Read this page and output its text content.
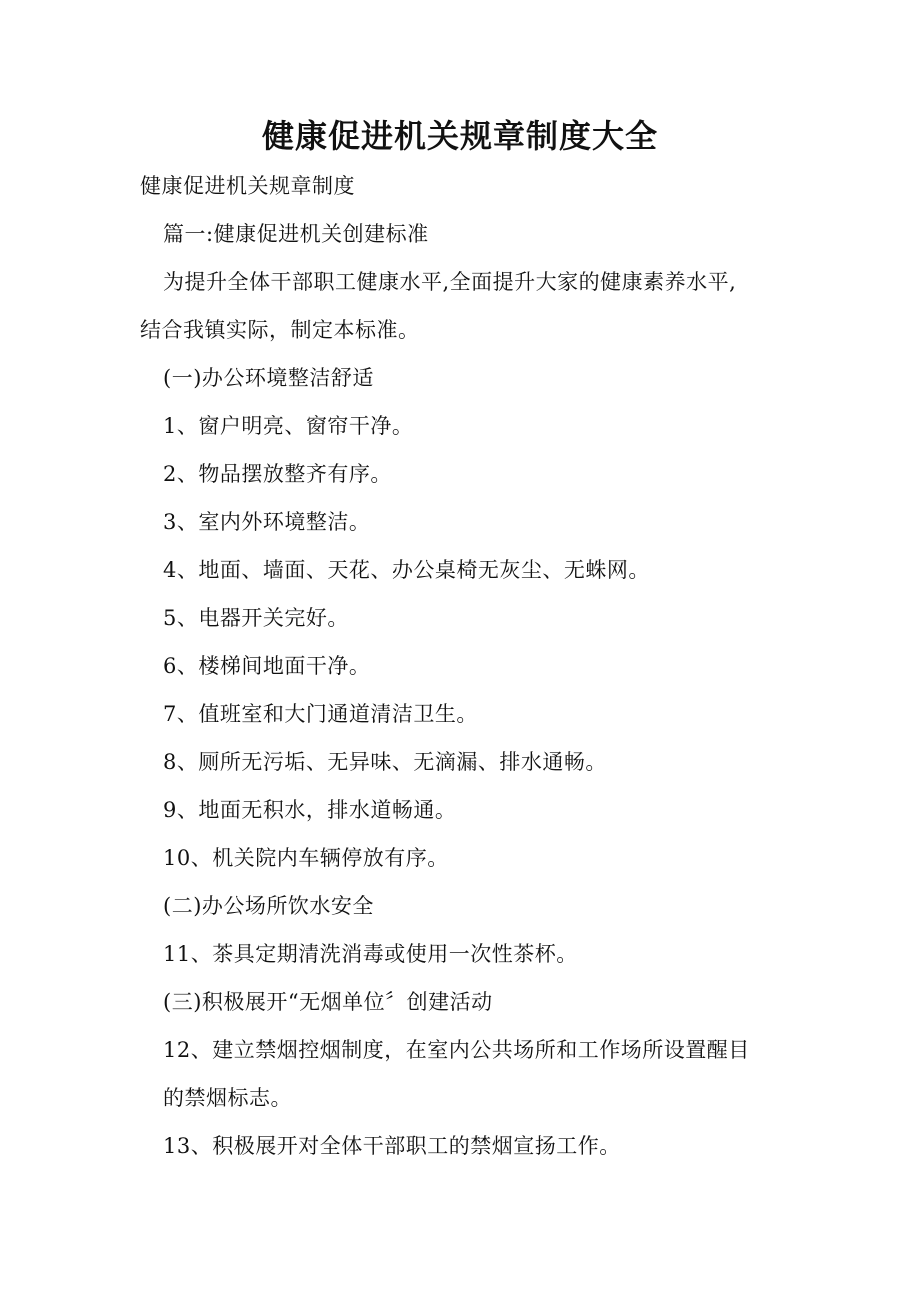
健康促进机关规章制度大全
健康促进机关规章制度
篇一:健康促进机关创建标准
为提升全体干部职工健康水平,全面提升大家的健康素养水平,
结合我镇实际，制定本标准。
(一)办公环境整洁舒适
1、窗户明亮、窗帘干净。
2、物品摆放整齐有序。
3、室内外环境整洁。
4、地面、墙面、天花、办公桌椅无灰尘、无蛛网。
5、电器开关完好。
6、楼梯间地面干净。
7、值班室和大门通道清洁卫生。
8、厕所无污垢、无异味、无滴漏、排水通畅。
9、地面无积水，排水道畅通。
10、机关院内车辆停放有序。
(二)办公场所饮水安全
11、茶具定期清洗消毒或使用一次性茶杯。
(三)积极展开“无烟单位〞创建活动
12、建立禁烟控烟制度，在室内公共场所和工作场所设置醒目
的禁烟标志。
13、积极展开对全体干部职工的禁烟宣扬工作。
